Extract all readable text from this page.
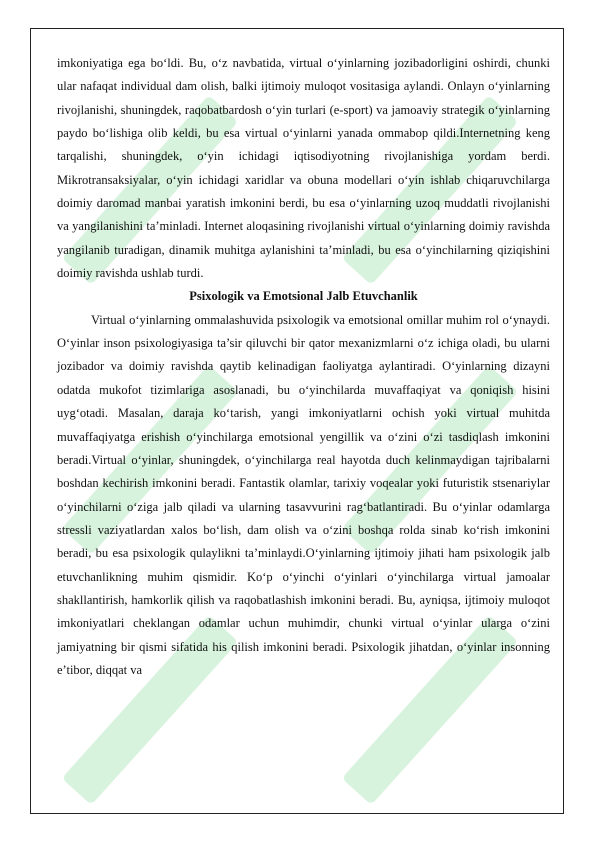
imkoniyatiga ega bo‘ldi. Bu, o‘z navbatida, virtual o‘yinlarning jozibadorligini oshirdi, chunki ular nafaqat individual dam olish, balki ijtimoiy muloqot vositasiga aylandi. Onlayn o‘yinlarning rivojlanishi, shuningdek, raqobatbardosh o‘yin turlari (e-sport) va jamoaviy strategik o‘yinlarning paydo bo‘lishiga olib keldi, bu esa virtual o‘yinlarni yanada ommabop qildi.Internetning keng tarqalishi, shuningdek, o‘yin ichidagi iqtisodiyotning rivojlanishiga yordam berdi. Mikrotransaksiyalar, o‘yin ichidagi xaridlar va obuna modellari o‘yin ishlab chiqaruvchilarga doimiy daromad manbai yaratish imkonini berdi, bu esa o‘yinlarning uzoq muddatli rivojlanishi va yangilanishini ta’minladi. Internet aloqasining rivojlanishi virtual o‘yinlarning doimiy ravishda yangilanib turadigan, dinamik muhitga aylanishini ta’minladi, bu esa o‘yinchilarning qiziqishini doimiy ravishda ushlab turdi.

Psixologik va Emotsional Jalb Etuvchanlik

Virtual o‘yinlarning ommalashuvida psixologik va emotsional omillar muhim rol o‘ynaydi. O‘yinlar inson psixologiyasiga ta’sir qiluvchi bir qator mexanizmlarni o‘z ichiga oladi, bu ularni jozibador va doimiy ravishda qaytib kelinadigan faoliyatga aylantiradi. O‘yinlarning dizayni odatda mukofot tizimlariga asoslanadi, bu o‘yinchilarda muvaffaqiyat va qoniqish hisini uyg‘otadi. Masalan, daraja ko‘tarish, yangi imkoniyatlarni ochish yoki virtual muhitda muvaffaqiyatga erishish o‘yinchilarga emotsional yengillik va o‘zini o‘zi tasdiqlash imkonini beradi.Virtual o‘yinlar, shuningdek, o‘yinchilarga real hayotda duch kelinmaydigan tajribalarni boshdan kechirish imkonini beradi. Fantastik olamlar, tarixiy voqealar yoki futuristik stsenariylar o‘yinchilarni o‘ziga jalb qiladi va ularning tasavvurini rag‘batlantiradi. Bu o‘yinlar odamlarga stressli vaziyatlardan xalos bo‘lish, dam olish va o‘zini boshqa rolda sinab ko‘rish imkonini beradi, bu esa psixologik qulaylikni ta’minlaydi.O‘yinlarning ijtimoiy jihati ham psixologik jalb etuvchanlikning muhim qismidir. Ko‘p o‘yinchi o‘yinlari o‘yinchilarga virtual jamoalar shakllantirish, hamkorlik qilish va raqobatlashish imkonini beradi. Bu, ayniqsa, ijtimoiy muloqot imkoniyatlari cheklangan odamlar uchun muhimdir, chunki virtual o‘yinlar ularga o‘zini jamiyatning bir qismi sifatida his qilish imkonini beradi. Psixologik jihatdan, o‘yinlar insonning e’tibor, diqqat va
